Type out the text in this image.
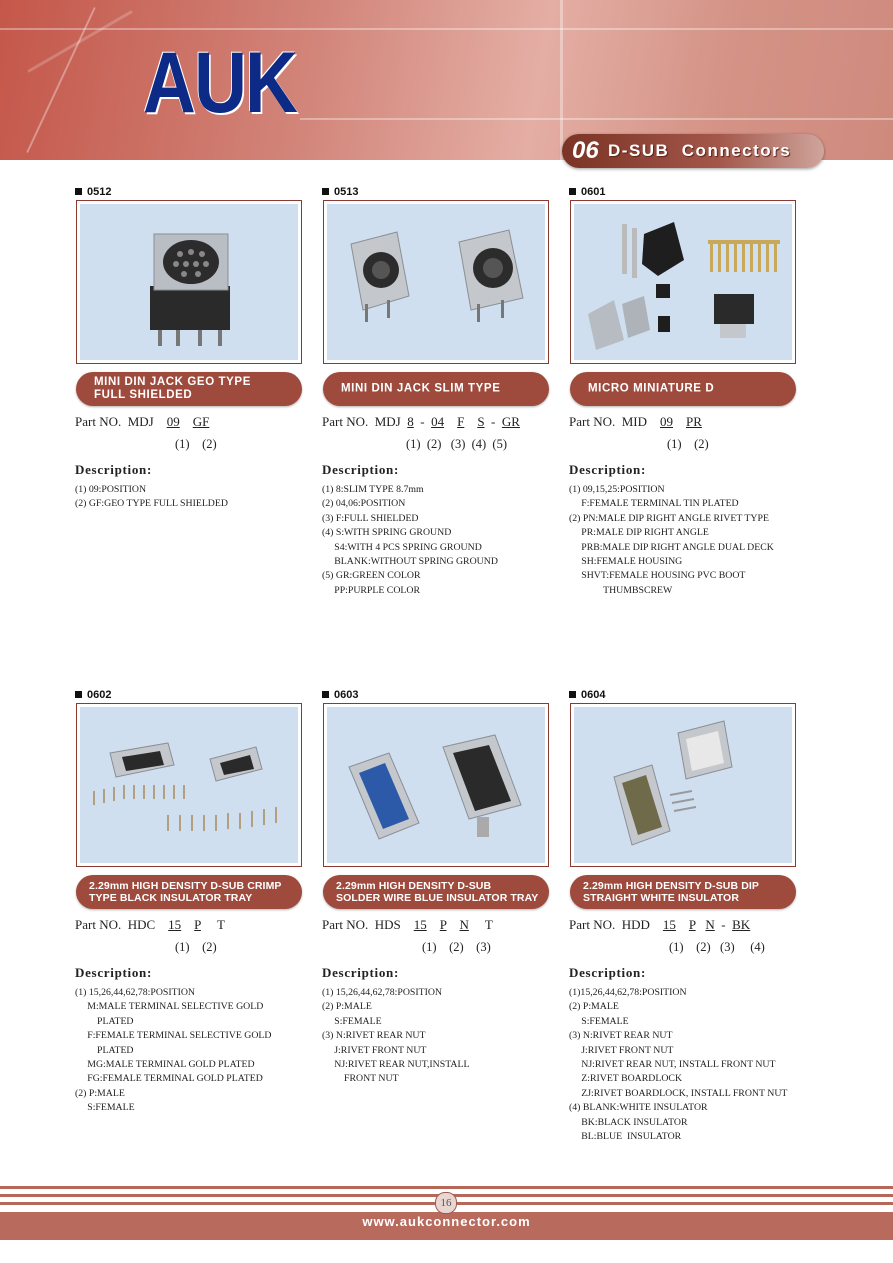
AUK
06 D-SUB  Connectors
0512
MINI DIN JACK GEO TYPE
FULL SHIELDED
Part NO.  MDJ 09 GF
(1)    (2)
Description:
(1) 09:POSITION
(2) GF:GEO TYPE FULL SHIELDED
0513
MINI DIN JACK SLIM TYPE
Part NO.  MDJ 8  -  04 F S  -  GR
(1)  (2)   (3)  (4)  (5)
Description:
(1) 8:SLIM TYPE 8.7mm
(2) 04,06:POSITION
(3) F:FULL SHIELDED
(4) S:WITH SPRING GROUND
S4:WITH 4 PCS SPRING GROUND
BLANK:WITHOUT SPRING GROUND
(5) GR:GREEN COLOR
PP:PURPLE COLOR
0601
MICRO MINIATURE D
Part NO.  MID 09 PR
(1)    (2)
Description:
(1) 09,15,25:POSITION
F:FEMALE TERMINAL TIN PLATED
(2) PN:MALE DIP RIGHT ANGLE RIVET TYPE
PR:MALE DIP RIGHT ANGLE
PRB:MALE DIP RIGHT ANGLE DUAL DECK
SH:FEMALE HOUSING
SHVT:FEMALE HOUSING PVC BOOT
THUMBSCREW
0602
2.29mm HIGH DENSITY D-SUB CRIMP
TYPE BLACK INSULATOR TRAY
Part NO.  HDC 15 P T
(1)    (2)
Description:
(1) 15,26,44,62,78:POSITION
M:MALE TERMINAL SELECTIVE GOLD
PLATED
F:FEMALE TERMINAL SELECTIVE GOLD
PLATED
MG:MALE TERMINAL GOLD PLATED
FG:FEMALE TERMINAL GOLD PLATED
(2) P:MALE
S:FEMALE
0603
2.29mm HIGH DENSITY D-SUB
SOLDER WIRE BLUE INSULATOR TRAY
Part NO.  HDS 15 P N T
(1)    (2)    (3)
Description:
(1) 15,26,44,62,78:POSITION
(2) P:MALE
S:FEMALE
(3) N:RIVET REAR NUT
J:RIVET FRONT NUT
NJ:RIVET REAR NUT,INSTALL
FRONT NUT
0604
2.29mm HIGH DENSITY D-SUB DIP
STRAIGHT WHITE INSULATOR
Part NO.  HDD 15 P N  -  BK
(1)    (2)   (3)     (4)
Description:
(1)15,26,44,62,78:POSITION
(2) P:MALE
S:FEMALE
(3) N:RIVET REAR NUT
J:RIVET FRONT NUT
NJ:RIVET REAR NUT, INSTALL FRONT NUT
Z:RIVET BOARDLOCK
ZJ:RIVET BOARDLOCK, INSTALL FRONT NUT
(4) BLANK:WHITE INSULATOR
BK:BLACK INSULATOR
BL:BLUE  INSULATOR
16
www.aukconnector.com
